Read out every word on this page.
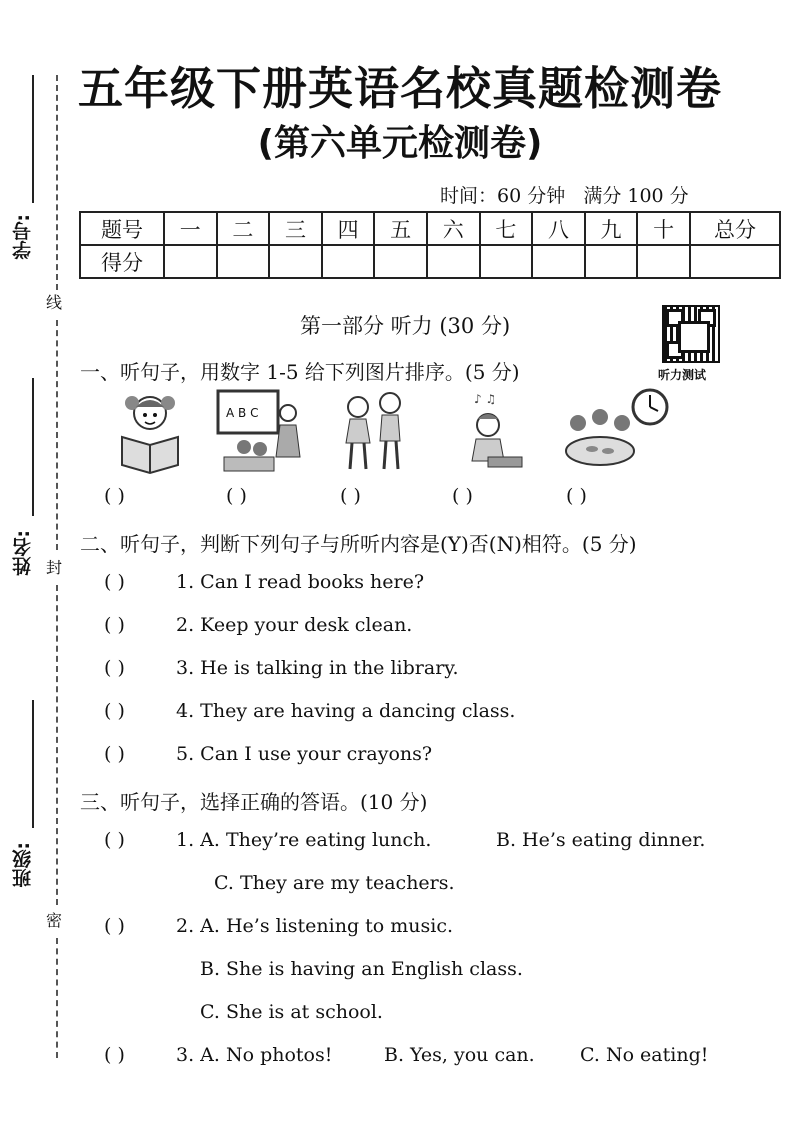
学号:
线
姓名: 封
班级:
密
五年级下册英语名校真题检测卷
(第六单元检测卷)
时间：60 分钟   满分 100 分
题号	一	二	三	四	五	六	七	八	九	十	总分
得分											
第一部分 听力 (30 分)
听力测试
一、听句子，用数字 1-5 给下列图片排序。(5 分)
A B C
♪ ♫
( )	( )	( )	( )	( )
二、听句子，判断下列句子与所听内容是(Y)否(N)相符。(5 分)
( )	1. Can I read books here?
( )	2. Keep your desk clean.
( )	3. He is talking in the library.
( )	4. They are having a dancing class.
( )	5. Can I use your crayons?
三、听句子，选择正确的答语。(10 分)
( )	1. A. They’re eating lunch.	B. He’s eating dinner.
C. They are my teachers.
( )	2. A. He’s listening to music.
B. She is having an English class.
C. She is at school.
( )	3. A. No photos!	B. Yes, you can. C. No eating!
